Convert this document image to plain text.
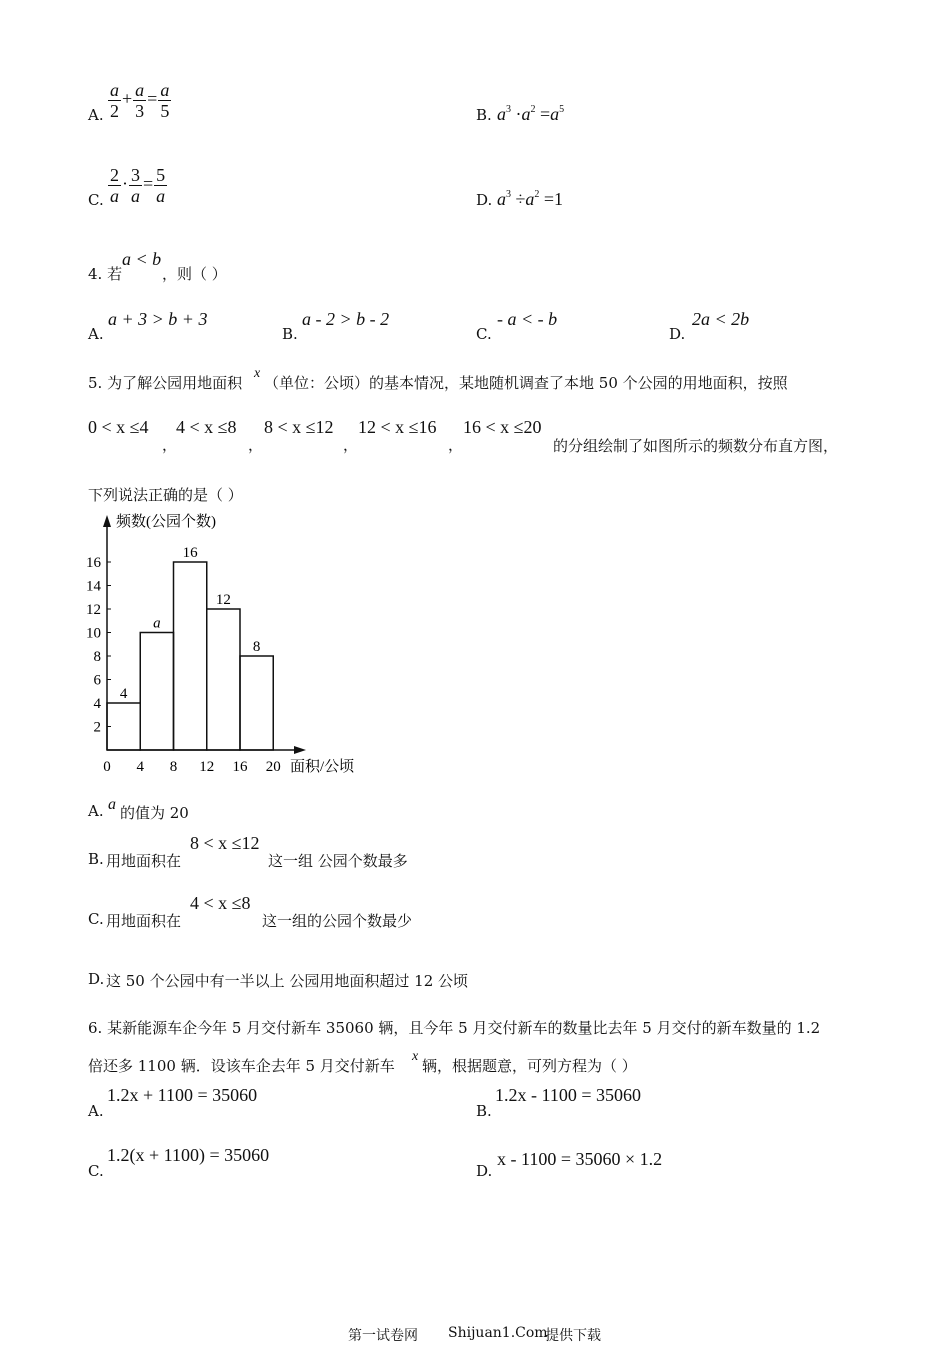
A. $\frac{a}{2} + \frac{a}{3} = \frac{a}{5}$	B. $a^3 \cdot a^2 =a^5$
C. $\frac{2}{a} \cdot \frac{3}{a} = \frac{5}{a}$	D. $a^3 \div a^2 =1$
4. 若
a < b
，则（ ）
A.
a + 3 > b + 3
B.
a - 2 > b - 2
C.
- a < - b
D.
2a < 2b
5. 为了解公园用地面积
x
（单位：公顷）的基本情况，某地随机调查了本地 50 个公园的用地面积，按照
0 < x ≤4
，
4 < x ≤8
，
8 < x ≤12
，
12 < x ≤16
，
16 < x ≤20
的分组绘制了如图所示的频数分布直方图，
下列说法正确的是（ ）
频数(公园个数)
面积/公顷
4
a
16
12
8
2
4
6
8
10
12
14
16
0 4 8 12 16 20
A. a 的值为 20
B. 用地面积在
8 < x ≤12
这一组 公园个数最多
C. 用地面积在
4 < x ≤8
这一组的公园个数最少
D. 这 50 个公园中有一半以上 公园用地面积超过 12 公顷
6. 某新能源车企今年 5 月交付新车 35060 辆，且今年 5 月交付新车的数量比去年 5 月交付的新车数量的 1.2
倍还多 1100 辆．设该车企去年 5 月交付新车
x
辆，根据题意，可列方程为（ ）
A.
1.2x + 1100 = 35060
B.
1.2x - 1100 = 35060
C.
1.2(x + 1100) = 35060
D.
x - 1100 = 35060 × 1.2
第一试卷网 Shijuan1.Com
提供下载
